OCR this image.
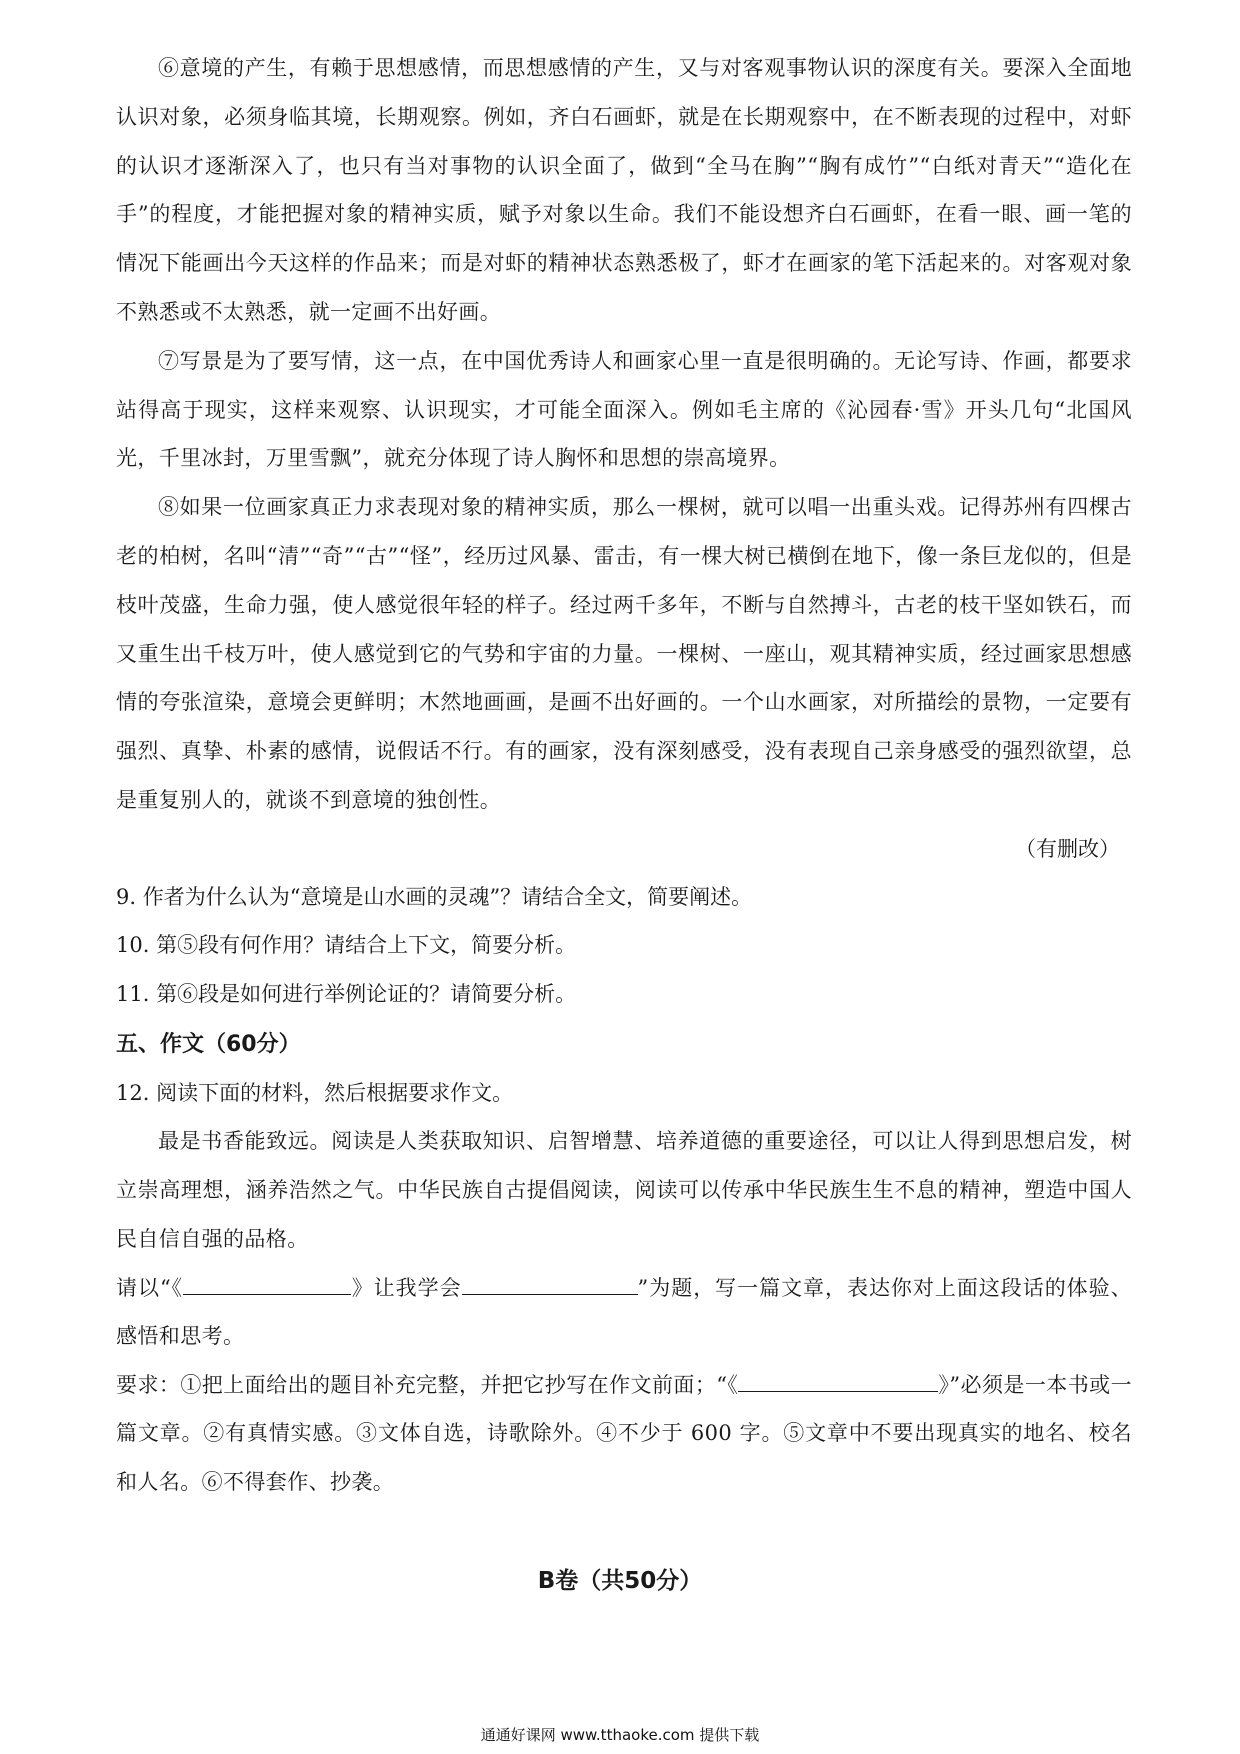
⑥意境的产生，有赖于思想感情，而思想感情的产生，又与对客观事物认识的深度有关。要深入全面地认识对象，必须身临其境，长期观察。例如，齐白石画虾，就是在长期观察中，在不断表现的过程中，对虾的认识才逐渐深入了，也只有当对事物的认识全面了，做到“全马在胸”“胸有成竹”“白纸对青天”“造化在手”的程度，才能把握对象的精神实质，赋予对象以生命。我们不能设想齐白石画虾，在看一眼、画一笔的情况下能画出今天这样的作品来；而是对虾的精神状态熟悉极了，虾才在画家的笔下活起来的。对客观对象不熟悉或不太熟悉，就一定画不出好画。

⑦写景是为了要写情，这一点，在中国优秀诗人和画家心里一直是很明确的。无论写诗、作画，都要求站得高于现实，这样来观察、认识现实，才可能全面深入。例如毛主席的《沁园春·雪》开头几句“北国风光，千里冰封，万里雪飘”，就充分体现了诗人胸怀和思想的崇高境界。

⑧如果一位画家真正力求表现对象的精神实质，那么一棵树，就可以唱一出重头戏。记得苏州有四棵古老的柏树，名叫“清”“奇”“古”“怪”，经历过风暴、雷击，有一棵大树已横倒在地下，像一条巨龙似的，但是枝叶茂盛，生命力强，使人感觉很年轻的样子。经过两千多年，不断与自然搏斗，古老的枝干坚如铁石，而又重生出千枝万叶，使人感觉到它的气势和宇宙的力量。一棵树、一座山，观其精神实质，经过画家思想感情的夸张渲染，意境会更鲜明；木然地画画，是画不出好画的。一个山水画家，对所描绘的景物，一定要有强烈、真挚、朴素的感情，说假话不行。有的画家，没有深刻感受，没有表现自己亲身感受的强烈欲望，总是重复别人的，就谈不到意境的独创性。

（有删改）

9. 作者为什么认为“意境是山水画的灵魂”？请结合全文，简要阐述。

10. 第⑤段有何作用？请结合上下文，简要分析。

11. 第⑥段是如何进行举例论证的？请简要分析。

五、作文（60分）

12. 阅读下面的材料，然后根据要求作文。

最是书香能致远。阅读是人类获取知识、启智增慧、培养道德的重要途径，可以让人得到思想启发，树立崇高理想，涵养浩然之气。中华民族自古提倡阅读，阅读可以传承中华民族生生不息的精神，塑造中国人民自信自强的品格。

请以“《	》让我学会	”为题，写一篇文章，表达你对上面这段话的体验、感悟和思考。

要求：①把上面给出的题目补充完整，并把它抄写在作文前面；“《	》”必须是一本书或一篇文章。②有真情实感。③文体自选，诗歌除外。④不少于 600 字。⑤文章中不要出现真实的地名、校名和人名。⑥不得套作、抄袭。

B卷（共50分）
通通好课网 www.tthaoke.com 提供下载
